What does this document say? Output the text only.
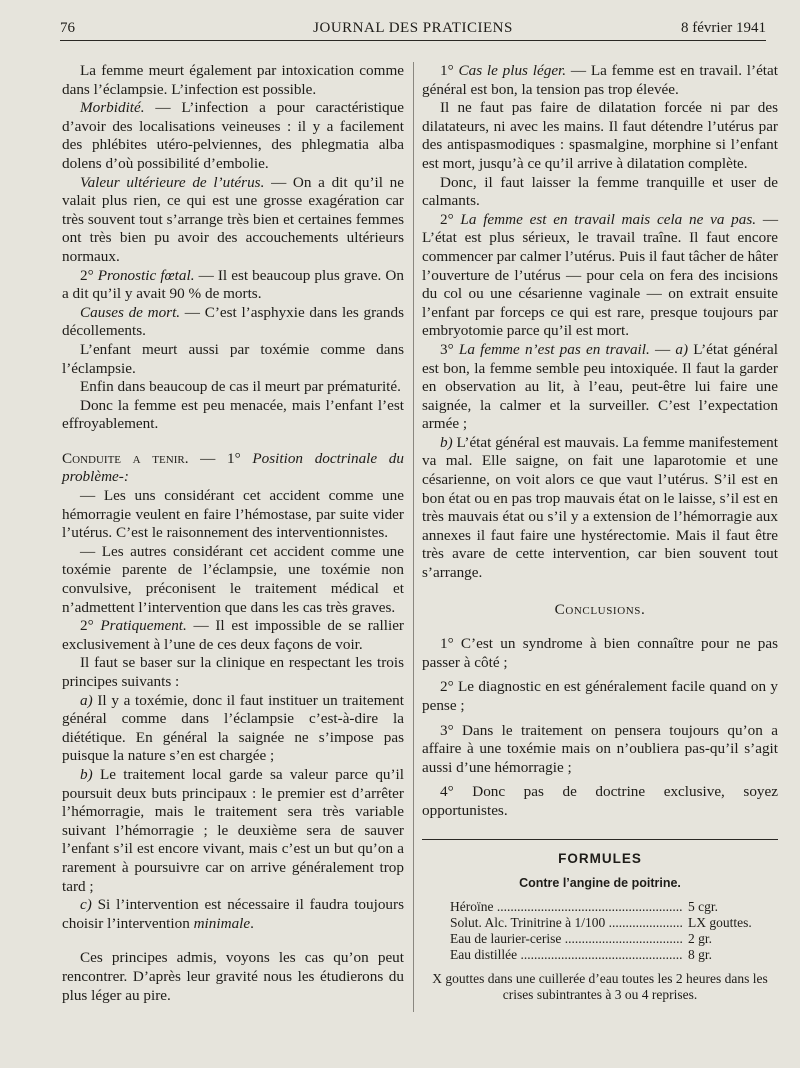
76	JOURNAL DES PRATICIENS	8 février 1941

La femme meurt également par intoxication comme dans l’éclampsie. L’infection est possible.

Morbidité. — L’infection a pour caractéristique d’avoir des localisations veineuses : il y a facilement des phlébites utéro-pelviennes, des phlegmatia alba dolens d’où possibilité d’embolie.

Valeur ultérieure de l’utérus. — On a dit qu’il ne valait plus rien, ce qui est une grosse exagération car très souvent tout s’arrange très bien et certaines femmes ont très bien pu avoir des accouchements ultérieurs normaux.

2° Pronostic fœtal. — Il est beaucoup plus grave. On a dit qu’il y avait 90 % de morts.

Causes de mort. — C’est l’asphyxie dans les grands décollements.

L’enfant meurt aussi par toxémie comme dans l’éclampsie.

Enfin dans beaucoup de cas il meurt par prématurité.

Donc la femme est peu menacée, mais l’enfant l’est effroyablement.

Conduite a tenir. — 1° Position doctrinale du problème-:

— Les uns considérant cet accident comme une hémorragie veulent en faire l’hémostase, par suite vider l’utérus. C’est le raisonnement des interventionnistes.

— Les autres considérant cet accident comme une toxémie parente de l’éclampsie, une toxémie non convulsive, préconisent le traitement médical et n’admettent l’intervention que dans les cas très graves.

2° Pratiquement. — Il est impossible de se rallier exclusivement à l’une de ces deux façons de voir.

Il faut se baser sur la clinique en respectant les trois principes suivants :

a) Il y a toxémie, donc il faut instituer un traitement général comme dans l’éclampsie c’est-à-dire la diététique. En général la saignée ne s’impose pas puisque la nature s’en est chargée ;

b) Le traitement local garde sa valeur parce qu’il poursuit deux buts principaux : le premier est d’arrêter l’hémorragie, mais le traitement sera très variable suivant l’hémorragie ; le deuxième sera de sauver l’enfant s’il est encore vivant, mais c’est un but qu’on a rarement à poursuivre car on arrive généralement trop tard ;

c) Si l’intervention est nécessaire il faudra toujours choisir l’intervention minimale.

Ces principes admis, voyons les cas qu’on peut rencontrer. D’après leur gravité nous les étudierons du plus léger au pire.

1° Cas le plus léger. — La femme est en travail. l’état général est bon, la tension pas trop élevée.

Il ne faut pas faire de dilatation forcée ni par des dilatateurs, ni avec les mains. Il faut détendre l’utérus par des antispasmodiques : spasmalgine, morphine si l’enfant est mort, jusqu’à ce qu’il arrive à dilatation complète.

Donc, il faut laisser la femme tranquille et user de calmants.

2° La femme est en travail mais cela ne va pas. — L’état est plus sérieux, le travail traîne. Il faut encore commencer par calmer l’utérus. Puis il faut tâcher de hâter l’ouverture de l’utérus — pour cela on fera des incisions du col ou une césarienne vaginale — on extrait ensuite l’enfant par forceps ce qui est rare, presque toujours par embryotomie parce qu’il est mort.

3° La femme n’est pas en travail. — a) L’état général est bon, la femme semble peu intoxiquée. Il faut la garder en observation au lit, à l’eau, peut-être lui faire une saignée, la calmer et la surveiller. C’est l’expectation armée ;

b) L’état général est mauvais. La femme manifestement va mal. Elle saigne, on fait une laparotomie et une césarienne, on voit alors ce que vaut l’utérus. S’il est en bon état ou en pas trop mauvais état on le laisse, s’il est en très mauvais état ou s’il y a extension de l’hémorragie aux annexes il faut faire une hystérectomie. Mais il faut être très avare de cette intervention, car bien souvent tout s’arrange.

Conclusions.

1° C’est un syndrome à bien connaître pour ne pas passer à côté ;

2° Le diagnostic en est généralement facile quand on y pense ;

3° Dans le traitement on pensera toujours qu’on a affaire à une toxémie mais on n’oubliera pas-qu’il s’agit aussi d’une hémorragie ;

4° Donc pas de doctrine exclusive, soyez opportunistes.

FORMULES
Contre l’angine de poitrine.
Héroïne .....	5 cgr.
Solut. Alc. Trinitrine à 1/100 .....	LX gouttes.
Eau de laurier-cerise .....	2 gr.
Eau distillée .....	8 gr.
X gouttes dans une cuillerée d’eau toutes les 2 heures dans les crises subintrantes à 3 ou 4 reprises.
